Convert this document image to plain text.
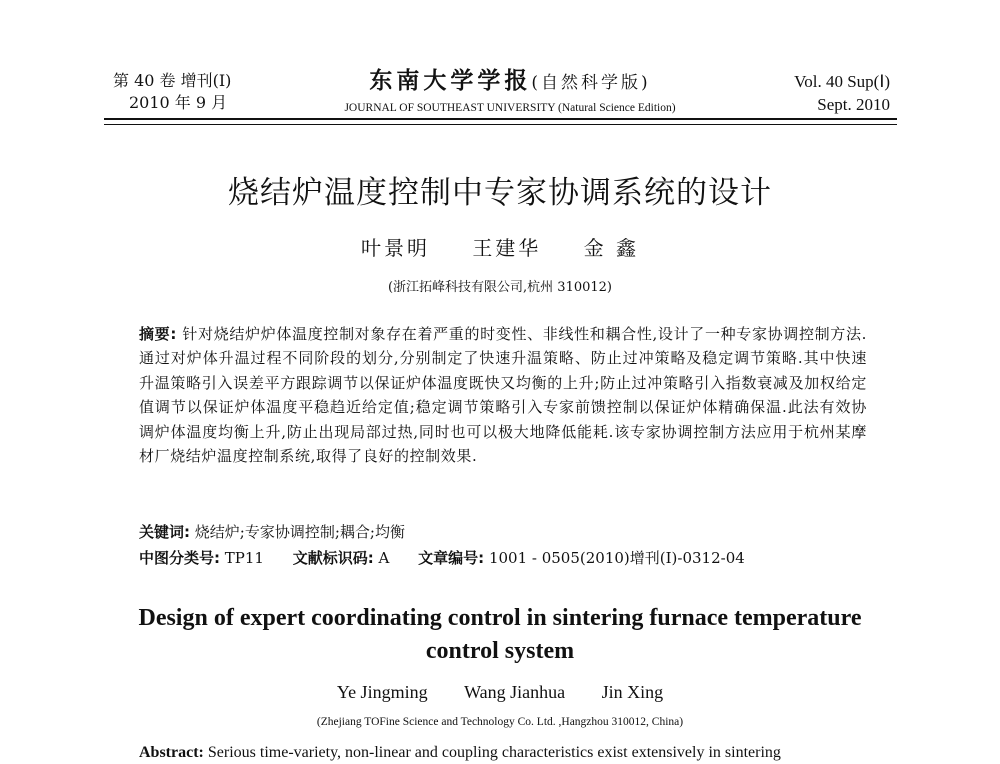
第 40 卷 增刊(Ⅰ)
2010 年 9 月
东南大学学报(自然科学版)
JOURNAL OF SOUTHEAST UNIVERSITY (Natural Science Edition)
Vol. 40 Sup(Ⅰ)
Sept. 2010
烧结炉温度控制中专家协调系统的设计
叶景明 王建华 金 鑫
(浙江拓峰科技有限公司,杭州 310012)
摘要: 针对烧结炉炉体温度控制对象存在着严重的时变性、非线性和耦合性,设计了一种专家协调控制方法.通过对炉体升温过程不同阶段的划分,分别制定了快速升温策略、防止过冲策略及稳定调节策略.其中快速升温策略引入误差平方跟踪调节以保证炉体温度既快又均衡的上升;防止过冲策略引入指数衰减及加权给定值调节以保证炉体温度平稳趋近给定值;稳定调节策略引入专家前馈控制以保证炉体精确保温.此法有效协调炉体温度均衡上升,防止出现局部过热,同时也可以极大地降低能耗.该专家协调控制方法应用于杭州某摩材厂烧结炉温度控制系统,取得了良好的控制效果.
关键词: 烧结炉;专家协调控制;耦合;均衡
中图分类号: TP11 文献标识码: A 文章编号: 1001 - 0505(2010)增刊(Ⅰ)-0312-04
Design of expert coordinating control in sintering furnace temperature control system
Ye Jingming Wang Jianhua Jin Xing
(Zhejiang TOFine Science and Technology Co. Ltd. ,Hangzhou 310012, China)
Abstract: Serious time-variety, non-linear and coupling characteristics exist extensively in sintering
